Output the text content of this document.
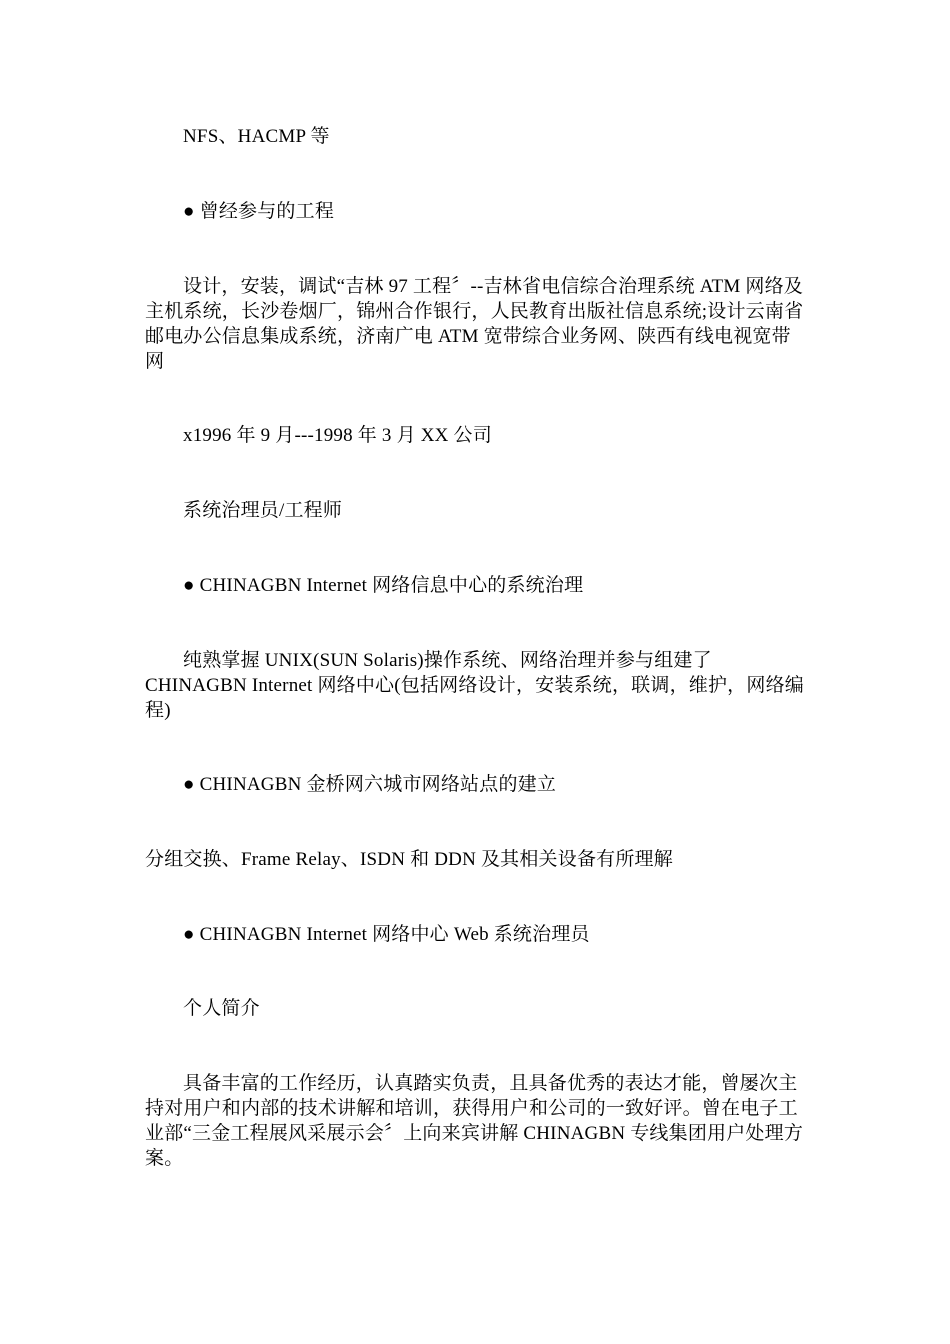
NFS、HACMP 等

● 曾经参与的工程

设计，安装，调试“吉林 97 工程〞--吉林省电信综合治理系统 ATM 网络及
主机系统，长沙卷烟厂，锦州合作银行，人民教育出版社信息系统;设计云南省
邮电办公信息集成系统，济南广电 ATM 宽带综合业务网、陕西有线电视宽带
网

x1996 年 9 月---1998 年 3 月 XX 公司

系统治理员/工程师

● CHINAGBN Internet 网络信息中心的系统治理

纯熟掌握 UNIX(SUN Solaris)操作系统、网络治理并参与组建了
CHINAGBN Internet 网络中心(包括网络设计，安装系统，联调，维护，网络编
程)

● CHINAGBN 金桥网六城市网络站点的建立

分组交换、Frame Relay、ISDN 和 DDN 及其相关设备有所理解

● CHINAGBN Internet 网络中心 Web 系统治理员

个人简介

具备丰富的工作经历，认真踏实负责，且具备优秀的表达才能，曾屡次主
持对用户和内部的技术讲解和培训，获得用户和公司的一致好评。曾在电子工
业部“三金工程展风采展示会〞上向来宾讲解 CHINAGBN 专线集团用户处理方
案。
